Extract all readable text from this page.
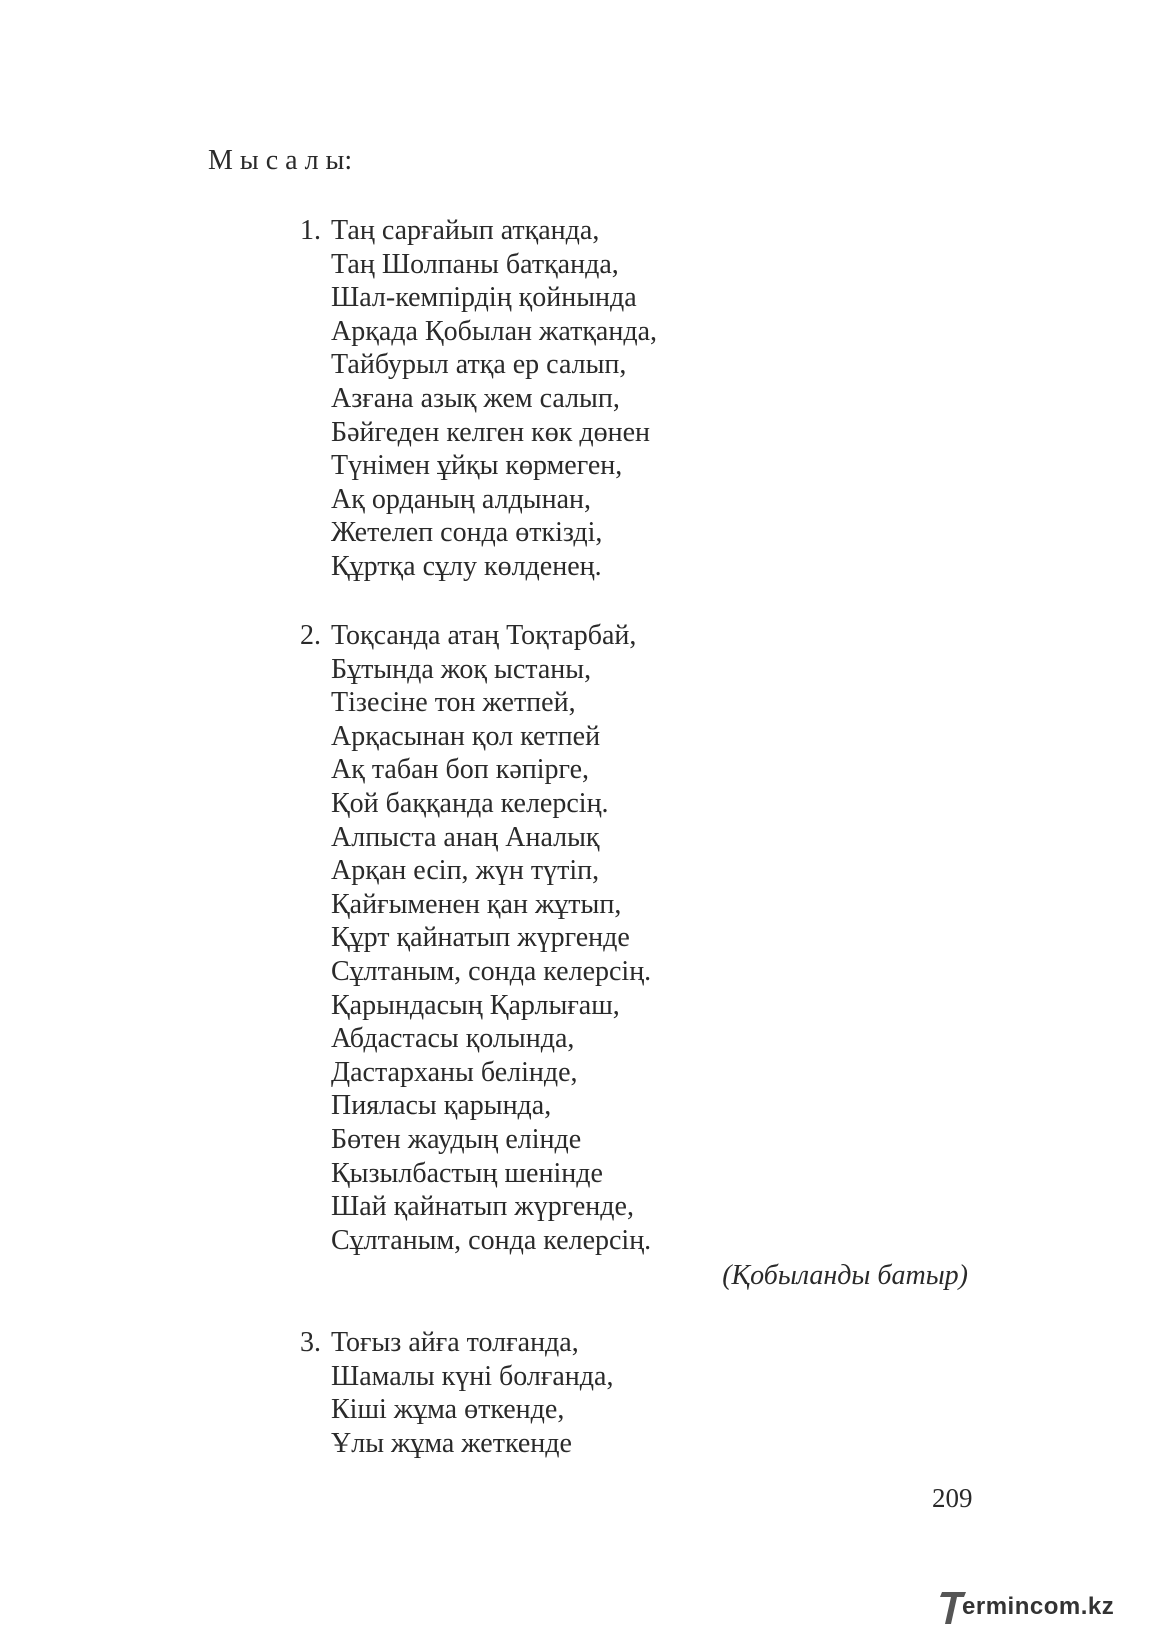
М ы с а л ы:
1. Таң сарғайып атқанда,
Таң Шолпаны батқанда,
Шал-кемпірдің қойнында
Арқада Қобылан жатқанда,
Тайбурыл атқа ер салып,
Азғана азық жем салып,
Бәйгеден келген көк дөнен
Түнімен ұйқы көрмеген,
Ақ орданың алдынан,
Жетелеп сонда өткізді,
Құртқа сұлу көлденең.
2. Тоқсанда атаң Тоқтарбай,
Бұтында жоқ ыстаны,
Тізесіне тон жетпей,
Арқасынан қол кетпей
Ақ табан боп кәпірге,
Қой баққанда келерсің.
Алпыста анаң Аналық
Арқан есіп, жүн түтіп,
Қайғыменен қан жұтып,
Құрт қайнатып жүргенде
Сұлтаным, сонда келерсің.
Қарындасың Қарлығаш,
Абдастасы қолында,
Дастарханы белінде,
Пияласы қарында,
Бөтен жаудың елінде
Қызылбастың шенінде
Шай қайнатып жүргенде,
Сұлтаным, сонда келерсің.
(Қобыланды батыр)
3. Тоғыз айға толғанда,
Шамалы күні болғанда,
Кіші жұма өткенде,
Ұлы жұма жеткенде
209
ermincom.kz
